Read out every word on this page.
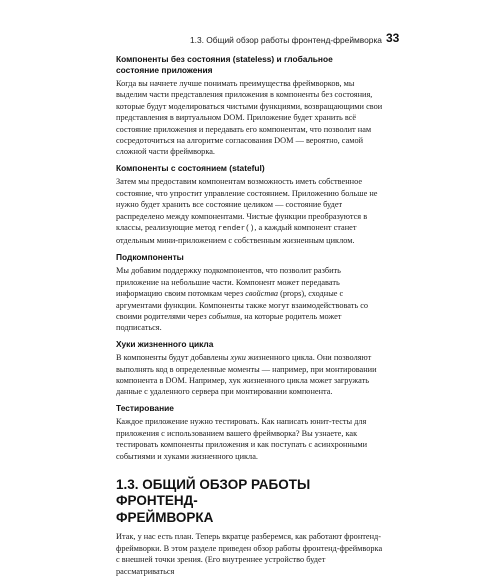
1.3. Общий обзор работы фронтенд-фреймворка 33
Компоненты без состояния (stateless) и глобальное
состояние приложения

Когда вы начнете лучше понимать преимущества фреймворков, мы выделим части представления приложения в компоненты без состояния, которые будут моделироваться чистыми функциями, возвращающими свои представления в виртуальном DOM. Приложение будет хранить всё состояние приложения и передавать его компонентам, что позволит нам сосредоточиться на алгоритме согласования DOM — вероятно, самой сложной части фреймворка.

Компоненты с состоянием (stateful)

Затем мы предоставим компонентам возможность иметь собственное состояние, что упростит управление состоянием. Приложению больше не нужно будет хранить все состояние целиком — состояние будет распределено между компонентами. Чистые функции преобразуются в классы, реализующие метод render(), а каждый компонент станет отдельным мини-приложением с собственным жизненным циклом.

Подкомпоненты

Мы добавим поддержку подкомпонентов, что позволит разбить приложение на небольшие части. Компонент может передавать информацию своим потомкам через свойства (props), сходные с аргументами функции. Компоненты также могут взаимодействовать со своими родителями через события, на которые родитель может подписаться.

Хуки жизненного цикла

В компоненты будут добавлены хуки жизненного цикла. Они позволяют выполнять код в определенные моменты — например, при монтировании компонента в DOM. Например, хук жизненного цикла может загружать данные с удаленного сервера при монтировании компонента.

Тестирование

Каждое приложение нужно тестировать. Как написать юнит-тесты для приложения с использованием вашего фреймворка? Вы узнаете, как тестировать компоненты приложения и как поступать с асинхронными событиями и хуками жизненного цикла.

1.3. ОБЩИЙ ОБЗОР РАБОТЫ ФРОНТЕНД-
ФРЕЙМВОРКА

Итак, у нас есть план. Теперь вкратце разберемся, как работают фронтенд-фреймворки. В этом разделе приведен обзор работы фронтенд-фреймворка с внешней точки зрения. (Его внутреннее устройство будет рассматриваться
